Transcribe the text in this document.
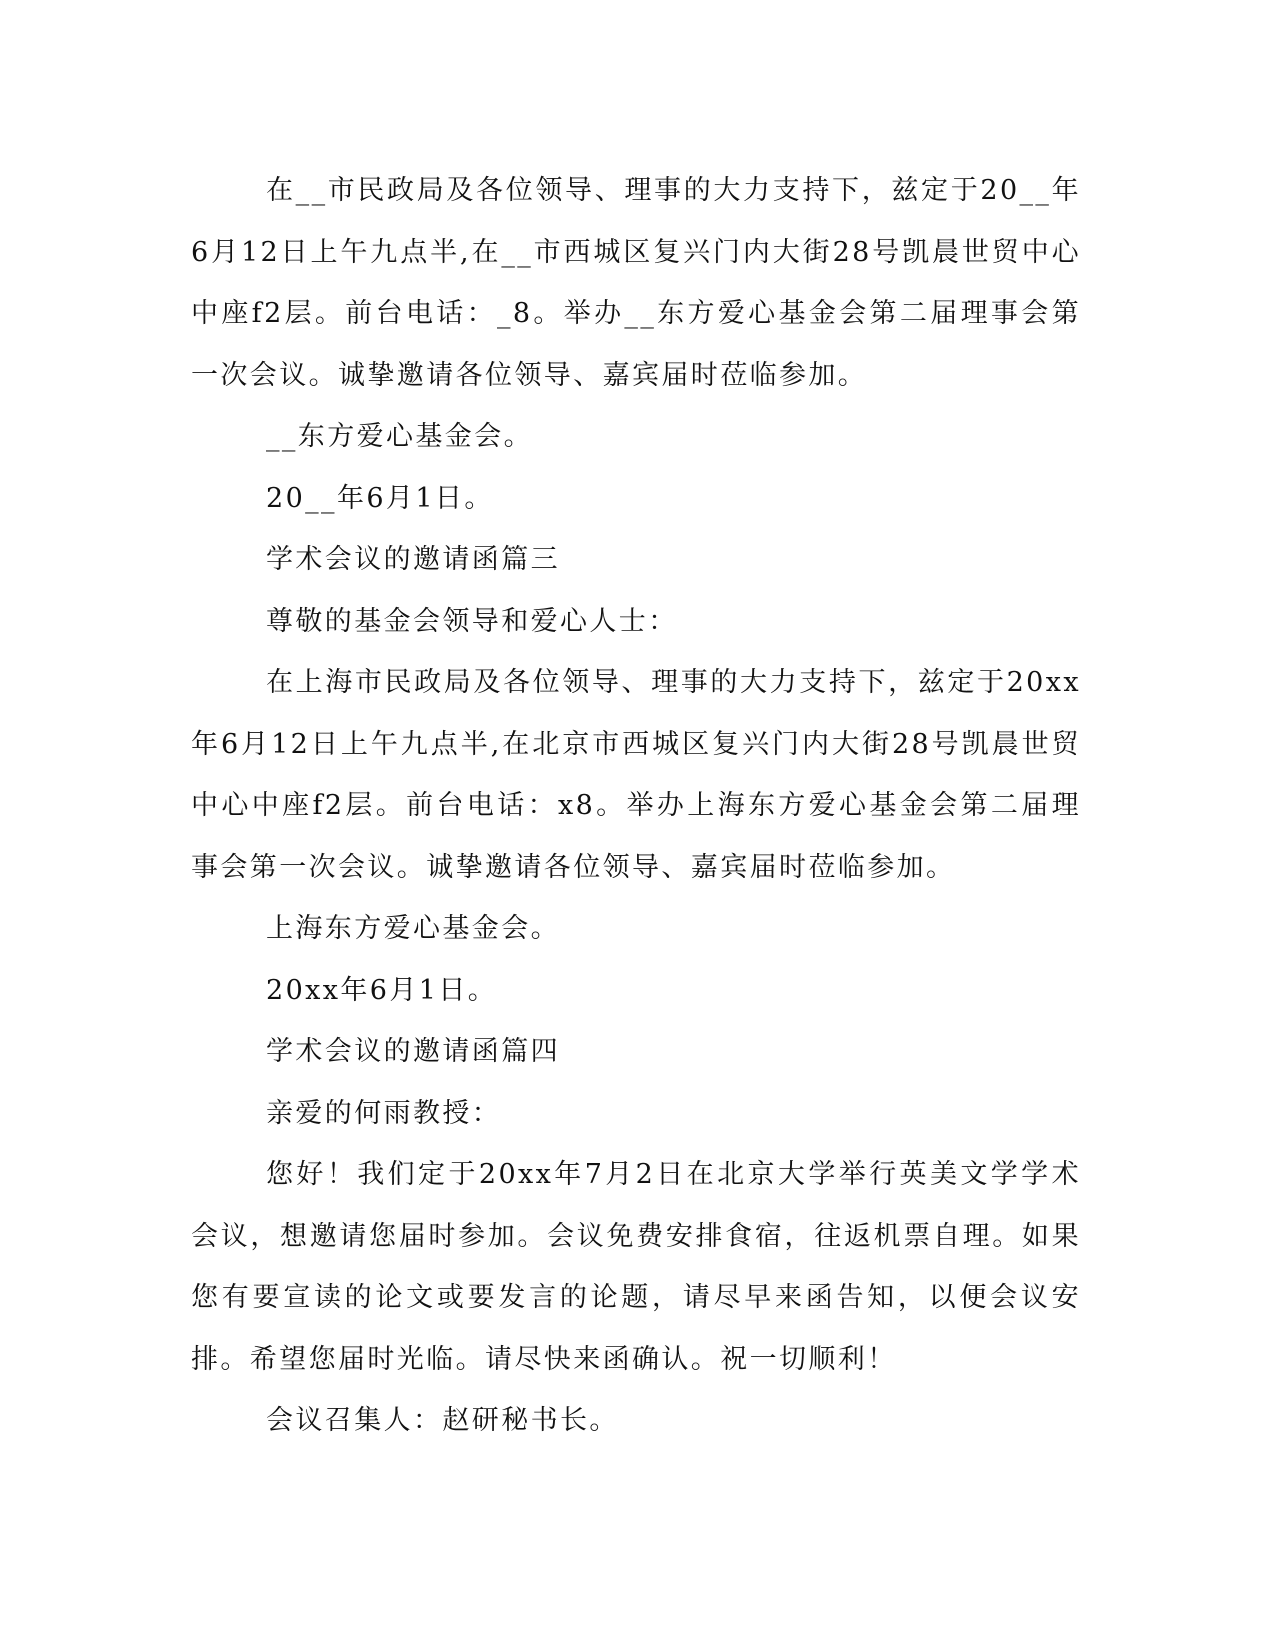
在__市民政局及各位领导、理事的大力支持下，兹定于20__年6月12日上午九点半,在__市西城区复兴门内大街28号凯晨世贸中心中座f2层。前台电话：_8。举办__东方爱心基金会第二届理事会第一次会议。诚挚邀请各位领导、嘉宾届时莅临参加。

__东方爱心基金会。

20__年6月1日。

学术会议的邀请函篇三

尊敬的基金会领导和爱心人士：

在上海市民政局及各位领导、理事的大力支持下，兹定于20xx年6月12日上午九点半,在北京市西城区复兴门内大街28号凯晨世贸中心中座f2层。前台电话：x8。举办上海东方爱心基金会第二届理事会第一次会议。诚挚邀请各位领导、嘉宾届时莅临参加。

上海东方爱心基金会。

20xx年6月1日。

学术会议的邀请函篇四

亲爱的何雨教授：

您好！我们定于20xx年7月2日在北京大学举行英美文学学术会议，想邀请您届时参加。会议免费安排食宿，往返机票自理。如果您有要宣读的论文或要发言的论题，请尽早来函告知，以便会议安排。希望您届时光临。请尽快来函确认。祝一切顺利！

会议召集人：赵研秘书长。
